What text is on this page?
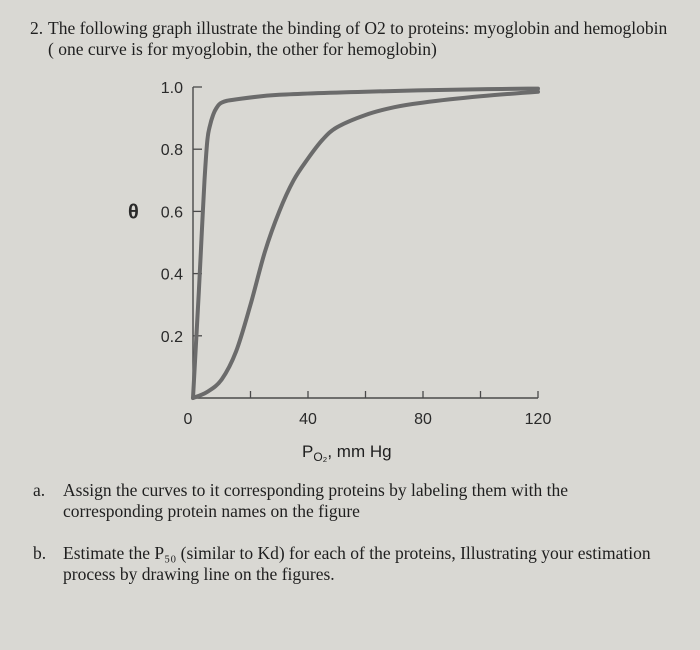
2. The following graph illustrate the binding of O2 to proteins: myoglobin and hemoglobin ( one curve is for myoglobin, the other for hemoglobin)
0.2
0.4
0.6
0.8
1.0
0	40	80	120
θ
$P_{O_2}$, mm Hg
a. Assign the curves to it corresponding proteins by labeling them with the corresponding protein names on the figure
b. Estimate the P₅₀ (similar to Kd) for each of the proteins, Illustrating your estimation process by drawing line on the figures.
